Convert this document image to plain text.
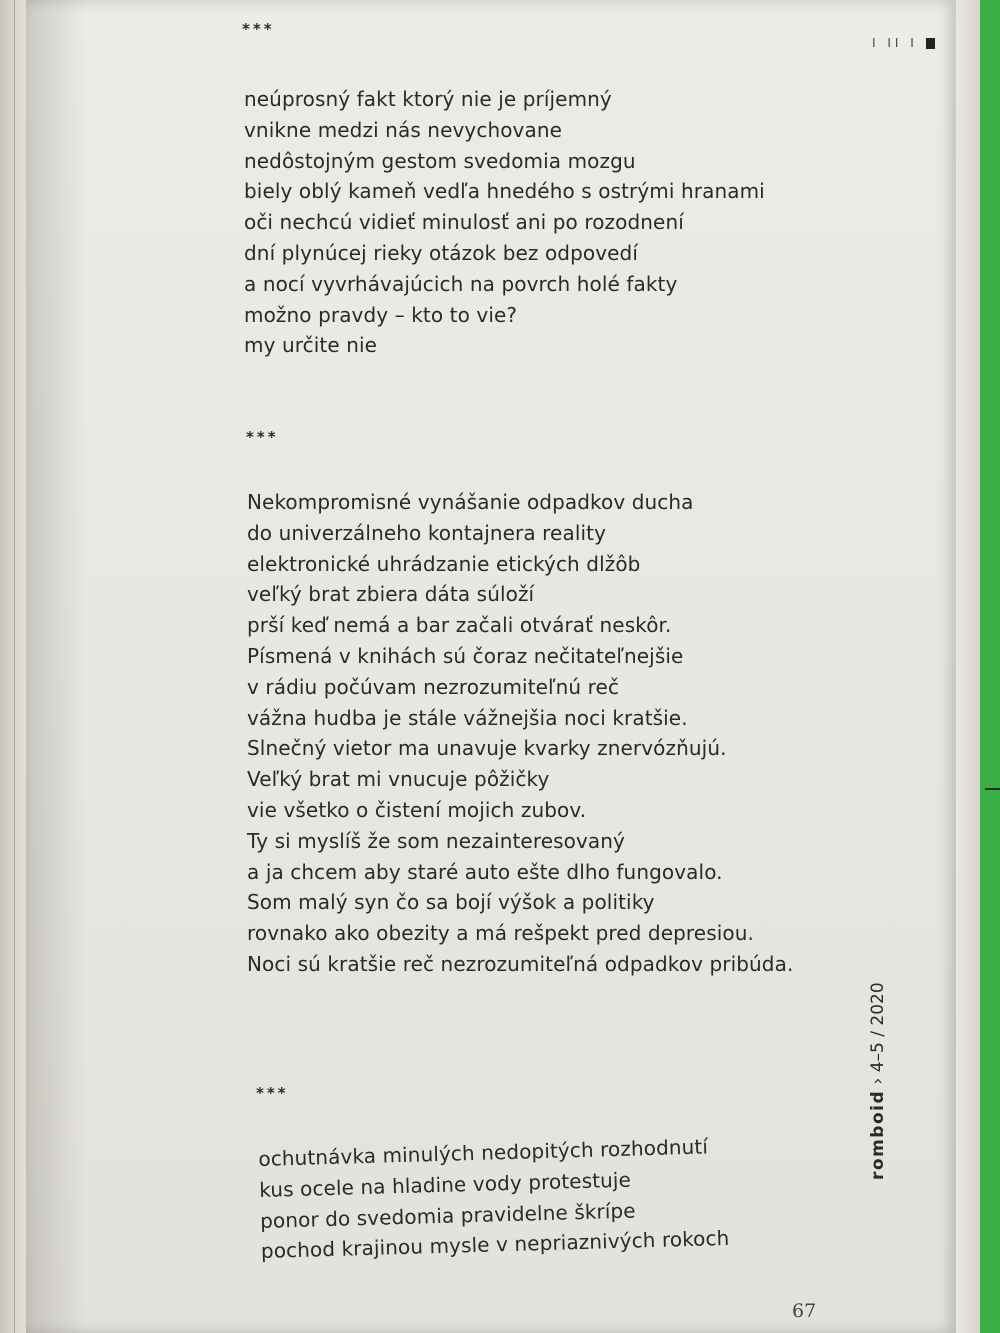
***
neúprosný fakt ktorý nie je príjemný
vnikne medzi nás nevychovane
nedôstojným gestom svedomia mozgu
biely oblý kameň vedľa hnedého s ostrými hranami
oči nechcú vidieť minulosť ani po rozodnení
dní plynúcej rieky otázok bez odpovedí
a nocí vyvrhávajúcich na povrch holé fakty
možno pravdy – kto to vie?
my určite nie
***
Nekompromisné vynášanie odpadkov ducha
do univerzálneho kontajnera reality
elektronické uhrádzanie etických dlžôb
veľký brat zbiera dáta súloží
prší keď nemá a bar začali otvárať neskôr.
Písmená v knihách sú čoraz nečitateľnejšie
v rádiu počúvam nezrozumiteľnú reč
vážna hudba je stále vážnejšia noci kratšie.
Slnečný vietor ma unavuje kvarky znervózňujú.
Veľký brat mi vnucuje pôžičky
vie všetko o čistení mojich zubov.
Ty si myslíš že som nezainteresovaný
a ja chcem aby staré auto ešte dlho fungovalo.
Som malý syn čo sa bojí výšok a politiky
rovnako ako obezity a má rešpekt pred depresiou.
Noci sú kratšie reč nezrozumiteľná odpadkov pribúda.
***
ochutnávka minulých nedopitých rozhodnutí
kus ocele na hladine vody protestuje
ponor do svedomia pravidelne škrípe
pochod krajinou mysle v nepriaznivých rokoch
I II I
romboid › 4–5 / 2020
67
